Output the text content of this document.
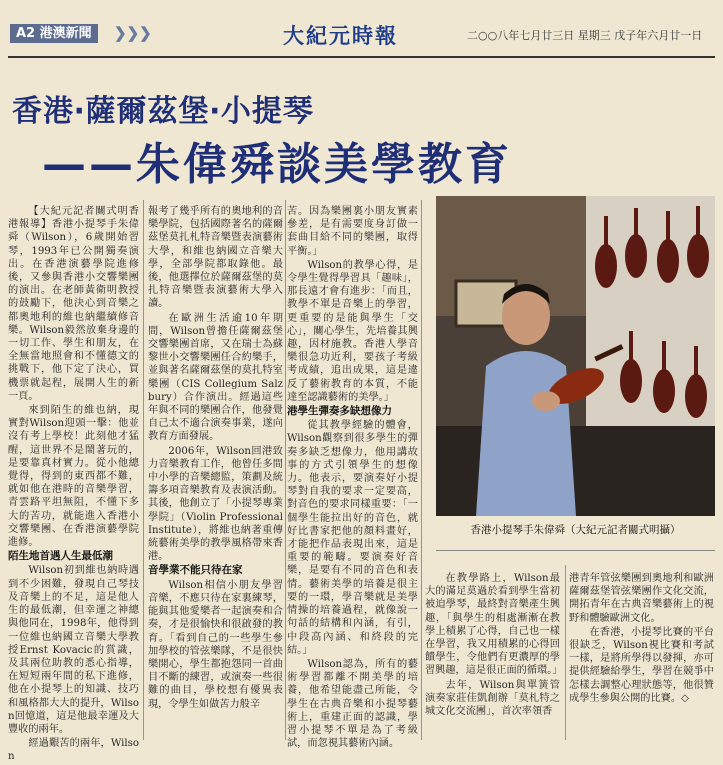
A2 港澳新聞	❯❯❯	大紀元時報	二○○八年七月廿三日 星期三 戊子年六月廿一日
香港‧薩爾茲堡‧小提琴
——朱偉舜談美學教育

【大紀元記者關式明香港報導】香港小提琴手朱偉舜（Wilson），6歲開始習琴，1993年已公開獨奏演出。在香港演藝學院進修後，又參與香港小交響樂團的演出。在老師黃衛明教授的鼓勵下，他決心到音樂之都奧地利的維也納繼續修音樂。Wilson毅然放棄身邊的一切工作、學生和朋友，在全無當地照會和不懂德文的挑戰下，他下定了決心，買機票就起程，展開人生的新一頁。

來到陌生的維也納，現實對Wilson迎頭一擊：他並沒有考上學校！此刻他才猛醒，這世界不是鬧著玩的，是要靠真材實力。從小他總覺得，得到的東西都不難，就如他在港時的音樂學習，青雲路平坦無阻，不懂下多大的苦功，就能進入香港小交響樂團、在香港演藝學院進修。

陌生地首遇人生最低潮

Wilson初到維也納時遇到不少困難，發現自己琴技及音樂上的不足，這是他人生的最低潮，但幸運之神總與他同在，1998年，他得到一位維也納國立音樂大學教授Ernst Kovacic的賞識，及其兩位助教的悉心指導，在短短兩年間的私下進修，他在小提琴上的知識、技巧和風格都大大的提升，Wilson回憶道，這是他最幸運及大豐收的兩年。

經過艱苦的兩年，Wilson

報考了幾乎所有的奧地利的音樂學院，包括國際著名的薩爾茲堡莫扎札特音樂暨表演藝術大學，和維也納國立音樂大學，全部學院都取錄他。最後，他選擇位於薩爾茲堡的莫扎特音樂暨表演藝術大學入讀。

在歐洲生活逾10年期間，Wilson曾擔任薩爾茲堡交響樂團首席，又在瑞士為蘇黎世小交響樂團任合約樂手，並與著名薩爾茲堡的莫扎特室樂團（CIS Collegium Salzbury）合作演出。經過這些年與不同的樂團合作，他發覺自己太不適合演奏事業，遂向教育方面發展。

2006年，Wilson回港致力音樂教育工作，他曾任多間中小學的音樂總監，策劃及統籌多項音樂教育及表演活動。其後，他創立了「小提琴專業學院」（Violin Professional Institute），將維也納著重傳統藝術美學的教學風格帶來香港。

音學業不能只待在家

Wilson相信小朋友學習音樂，不應只待在家裏練琴，能與其他愛樂者一起演奏和合奏，才是很愉快和很啟發的教育。「看到自己的一些學生參加學校的管弦樂隊，不是很快樂開心，學生都抱怨同一首曲目不斷的練習，或演奏一些很難的曲目，學校想有優異表現，令學生如做苦力般辛

苦。因為樂團裏小朋友實素參差，是有需要度身訂做一套曲目給不同的樂團，取得平衡。」

Wilson的教學心得，是令學生覺得學習具「趣味」，那長遠才會有進步：「而且，教學不單是音樂上的學習，更重要的是能與學生「交心」，關心學生，先培養其興趣，因材施教。香港人學音樂很急功近利，要孩子考級考成績，追出成果，這是違反了藝術教育的本質，不能達至認識藝術的美學。」

港學生彈奏多缺想像力

從其教學經驗的體會，Wilson觀察到很多學生的彈奏多缺乏想像力，他用講故事的方式引領學生的想像力。他表示，要演奏好小提琴對自我的要求一定要高，對音色的要求同樣重要：「一個學生能拉出好的音色，就好比書家把他的顏料畫好，才能把作品表現出來，這是重要的範疇。要演奏好音樂，是要有不同的音色和表情。藝術美學的培養是很主要的一環，學音樂就是美學情操的培養過程，就像說一句話的結構和內涵，有引，中段高內涵、和終段的完結。」

Wilson認為，所有的藝術學習都離不開美學的培養，他希望能盡己所能，令學生在古典音樂和小提琴藝術上，重建正面的認識，學習小提琴不單是為了考級試，而忽視其藝術內涵。

香港小提琴手朱偉舜（大紀元記者關式明攝）

在教學路上，Wilson最大的滿足莫過於看到學生當初被迫學琴，最終對音樂產生興趣，「與學生的相處漸漸在教學上積累了心得，自己也一樣在學習，我又用積累的心得回饋學生，令他們有更濃厚的學習興趣，這是很正面的循環。」

去年，Wilson與單簧管演奏家莊佳凱創辦「莫札特之城文化交流團」，首次率領香

港青年管弦樂團到奧地利和歐洲薩爾茲堡管弦樂團作文化交流，開拓青年在古典音樂藝術上的視野和體驗歐洲文化。

在香港，小提琴比賽的平台很缺乏，Wilson視比賽和考試一樣，是將所學得以發揮，亦可提供經驗給學生，學習在競爭中怎樣去調整心理狀態等，他很贊成學生參與公開的比賽。◇
